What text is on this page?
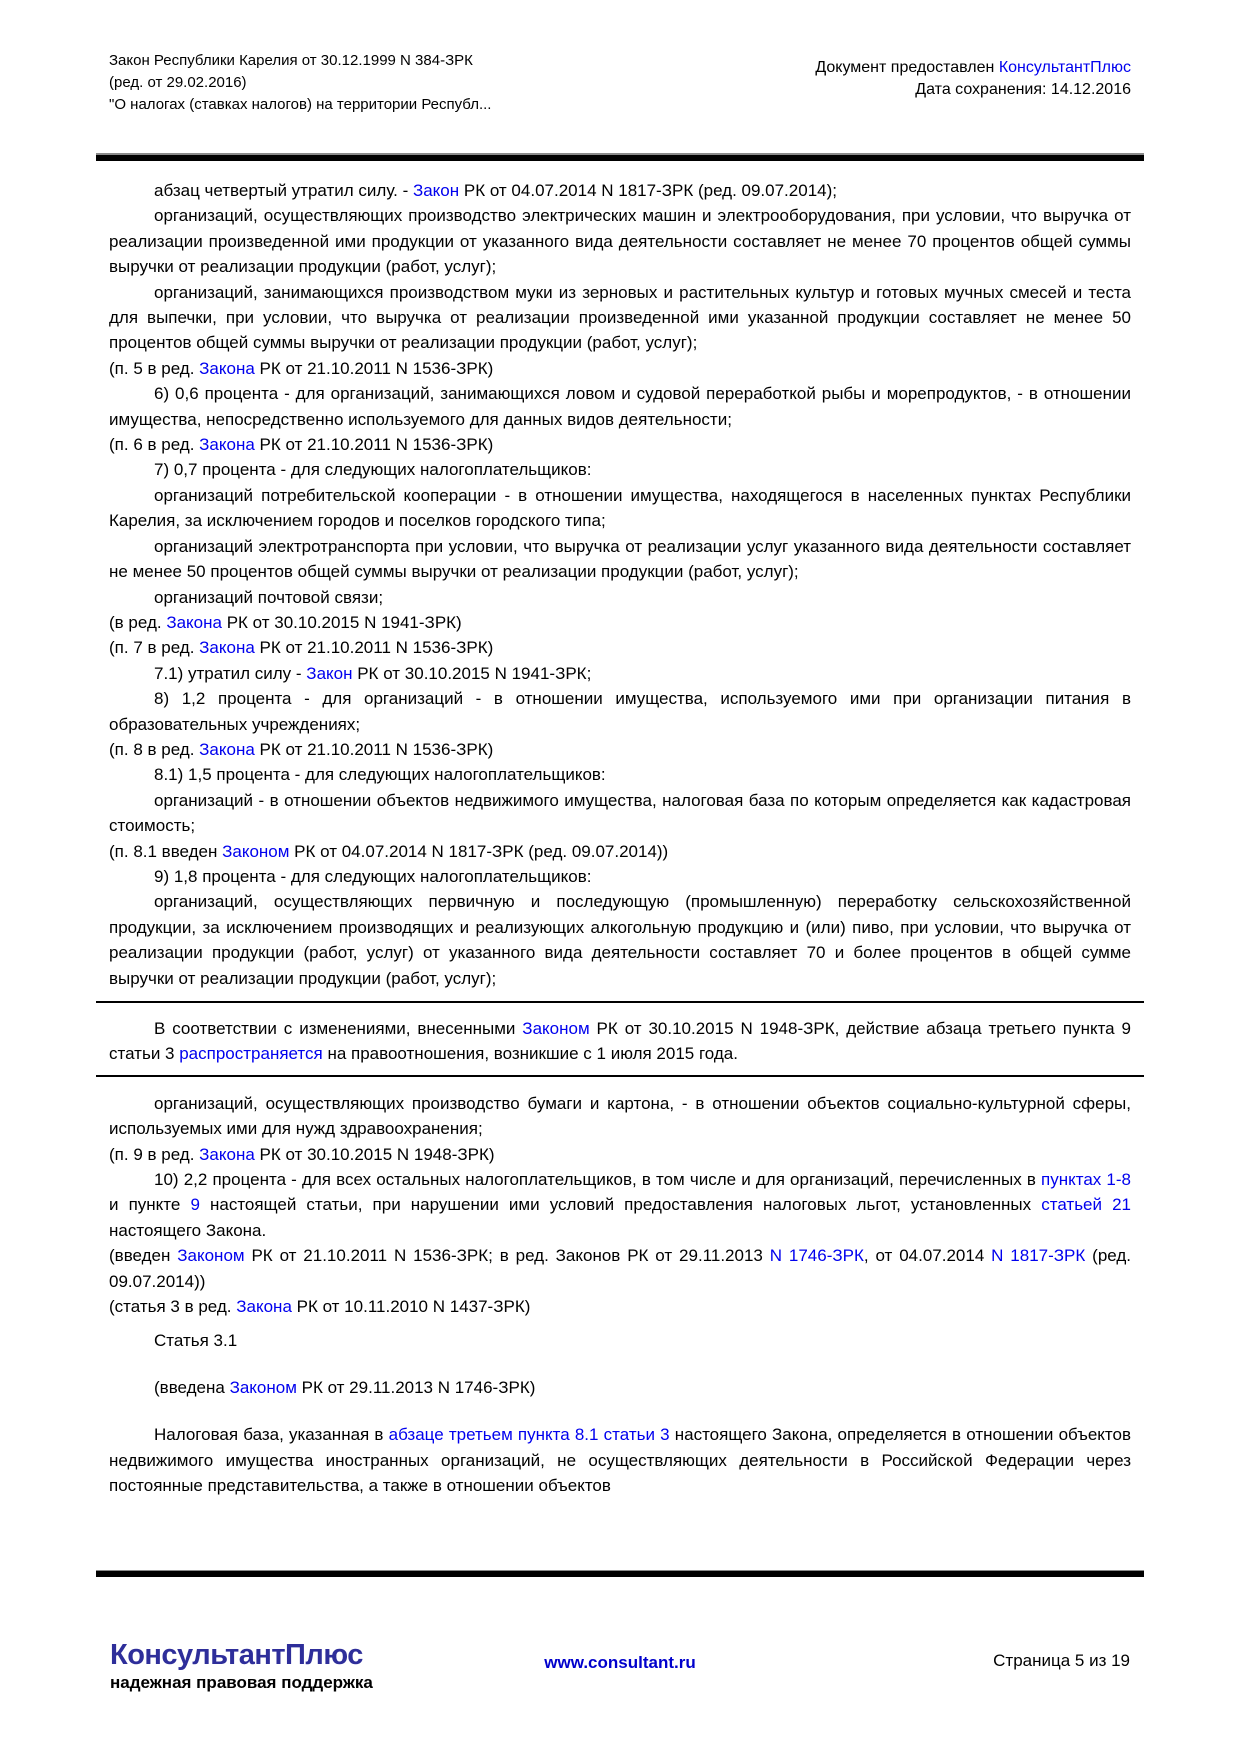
Закон Республики Карелия от 30.12.1999 N 384-ЗРК
(ред. от 29.02.2016)
"О налогах (ставках налогов) на территории Республ...
Документ предоставлен КонсультантПлюс
Дата сохранения: 14.12.2016
абзац четвертый утратил силу. - Закон РК от 04.07.2014 N 1817-ЗРК (ред. 09.07.2014);
организаций, осуществляющих производство электрических машин и электрооборудования, при условии, что выручка от реализации произведенной ими продукции от указанного вида деятельности составляет не менее 70 процентов общей суммы выручки от реализации продукции (работ, услуг);
организаций, занимающихся производством муки из зерновых и растительных культур и готовых мучных смесей и теста для выпечки, при условии, что выручка от реализации произведенной ими указанной продукции составляет не менее 50 процентов общей суммы выручки от реализации продукции (работ, услуг);
(п. 5 в ред. Закона РК от 21.10.2011 N 1536-ЗРК)
6) 0,6 процента - для организаций, занимающихся ловом и судовой переработкой рыбы и морепродуктов, - в отношении имущества, непосредственно используемого для данных видов деятельности;
(п. 6 в ред. Закона РК от 21.10.2011 N 1536-ЗРК)
7) 0,7 процента - для следующих налогоплательщиков:
организаций потребительской кооперации - в отношении имущества, находящегося в населенных пунктах Республики Карелия, за исключением городов и поселков городского типа;
организаций электротранспорта при условии, что выручка от реализации услуг указанного вида деятельности составляет не менее 50 процентов общей суммы выручки от реализации продукции (работ, услуг);
организаций почтовой связи;
(в ред. Закона РК от 30.10.2015 N 1941-ЗРК)
(п. 7 в ред. Закона РК от 21.10.2011 N 1536-ЗРК)
7.1) утратил силу - Закон РК от 30.10.2015 N 1941-ЗРК;
8) 1,2 процента - для организаций - в отношении имущества, используемого ими при организации питания в образовательных учреждениях;
(п. 8 в ред. Закона РК от 21.10.2011 N 1536-ЗРК)
8.1) 1,5 процента - для следующих налогоплательщиков:
организаций - в отношении объектов недвижимого имущества, налоговая база по которым определяется как кадастровая стоимость;
(п. 8.1 введен Законом РК от 04.07.2014 N 1817-ЗРК (ред. 09.07.2014))
9) 1,8 процента - для следующих налогоплательщиков:
организаций, осуществляющих первичную и последующую (промышленную) переработку сельскохозяйственной продукции, за исключением производящих и реализующих алкогольную продукцию и (или) пиво, при условии, что выручка от реализации продукции (работ, услуг) от указанного вида деятельности составляет 70 и более процентов в общей сумме выручки от реализации продукции (работ, услуг);
В соответствии с изменениями, внесенными Законом РК от 30.10.2015 N 1948-ЗРК, действие абзаца третьего пункта 9 статьи 3 распространяется на правоотношения, возникшие с 1 июля 2015 года.
организаций, осуществляющих производство бумаги и картона, - в отношении объектов социально-культурной сферы, используемых ими для нужд здравоохранения;
(п. 9 в ред. Закона РК от 30.10.2015 N 1948-ЗРК)
10) 2,2 процента - для всех остальных налогоплательщиков, в том числе и для организаций, перечисленных в пунктах 1-8 и пункте 9 настоящей статьи, при нарушении ими условий предоставления налоговых льгот, установленных статьей 21 настоящего Закона.
(введен Законом РК от 21.10.2011 N 1536-ЗРК; в ред. Законов РК от 29.11.2013 N 1746-ЗРК, от 04.07.2014 N 1817-ЗРК (ред. 09.07.2014))
(статья 3 в ред. Закона РК от 10.11.2010 N 1437-ЗРК)
Статья 3.1
(введена Законом РК от 29.11.2013 N 1746-ЗРК)
Налоговая база, указанная в абзаце третьем пункта 8.1 статьи 3 настоящего Закона, определяется в отношении объектов недвижимого имущества иностранных организаций, не осуществляющих деятельности в Российской Федерации через постоянные представительства, а также в отношении объектов
КонсультантПлюс
надежная правовая поддержка
www.consultant.ru	Страница 5 из 19
